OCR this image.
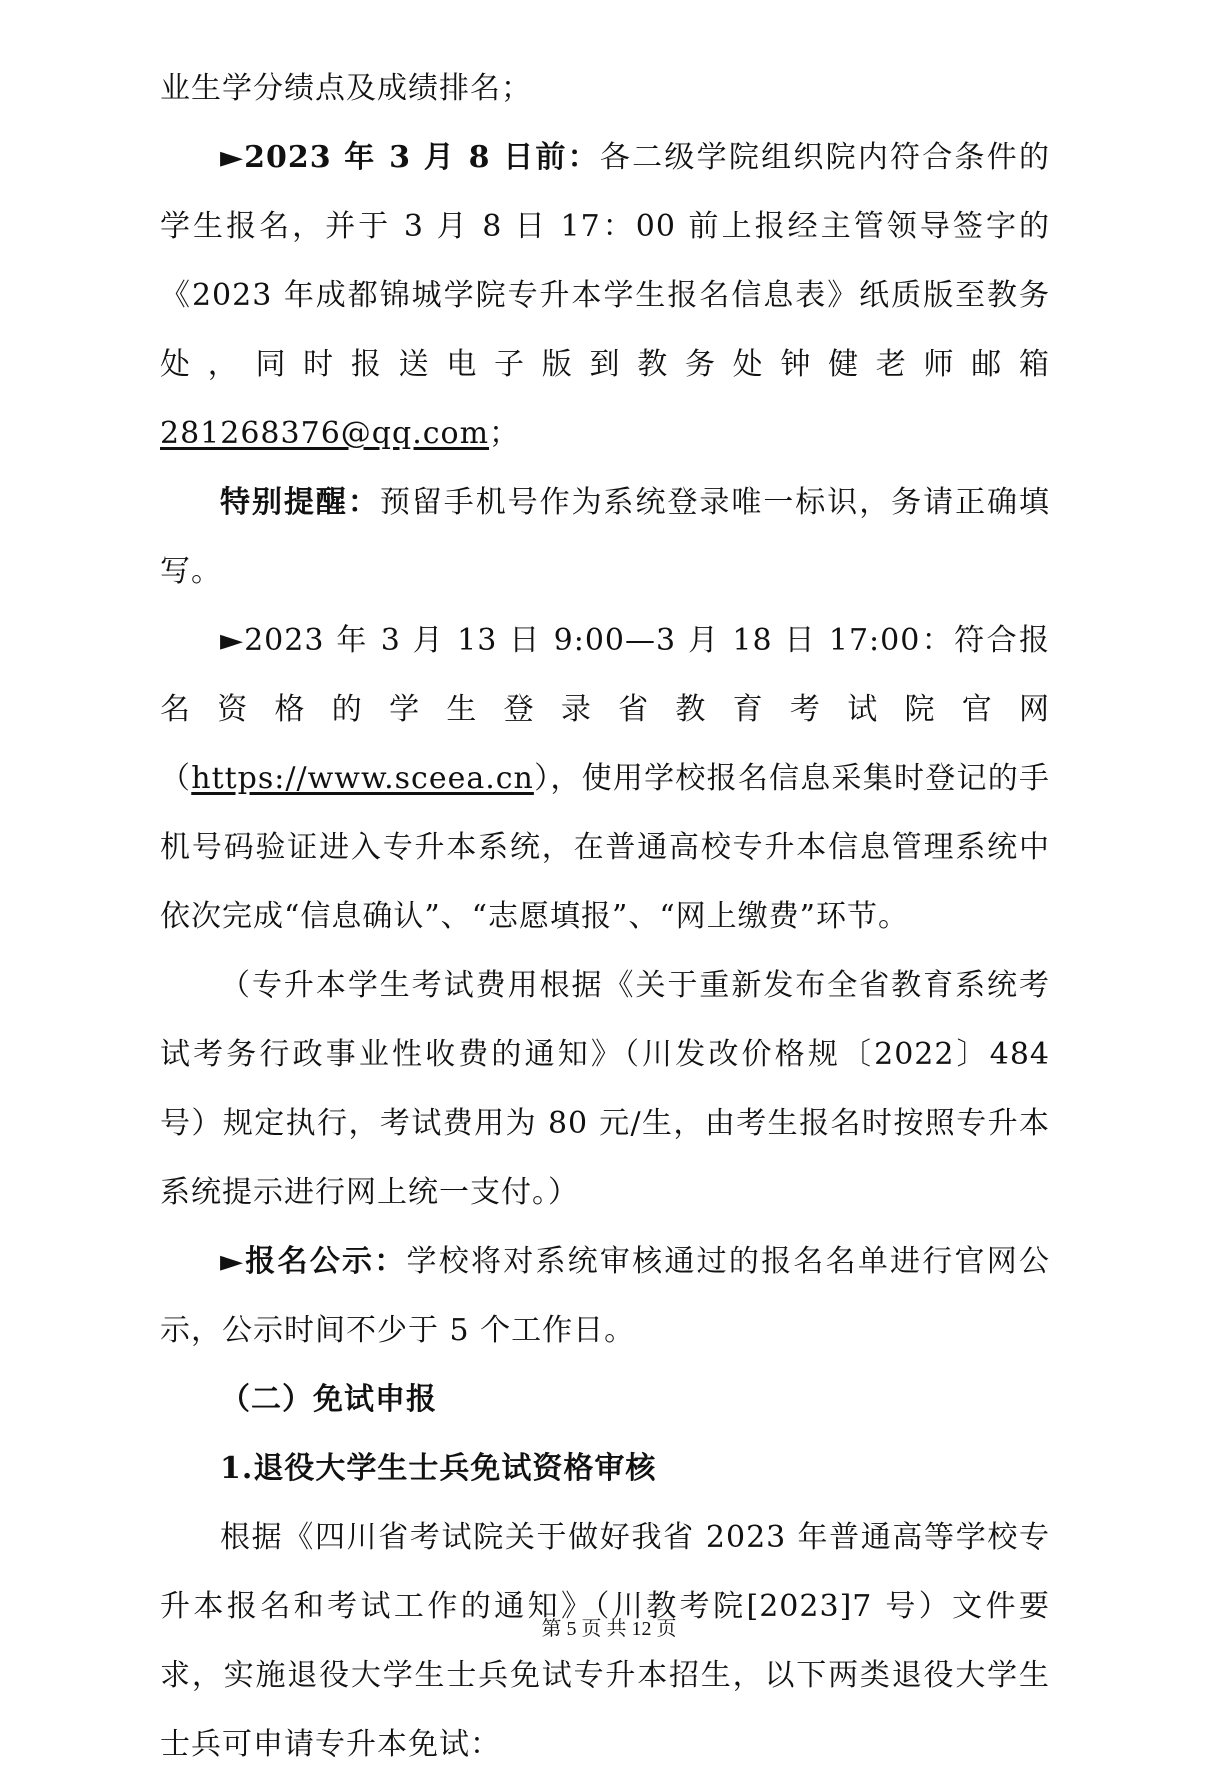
业生学分绩点及成绩排名；

►2023 年 3 月 8 日前：各二级学院组织院内符合条件的学生报名，并于 3 月 8 日 17：00 前上报经主管领导签字的《2023 年成都锦城学院专升本学生报名信息表》纸质版至教务处，同时报送电子版到教务处钟健老师邮箱 281268376@qq.com；

特别提醒：预留手机号作为系统登录唯一标识，务请正确填写。

►2023 年 3 月 13 日 9:00—3 月 18 日 17:00：符合报名资格的学生登录省教育考试院官网（https://www.sceea.cn），使用学校报名信息采集时登记的手机号码验证进入专升本系统，在普通高校专升本信息管理系统中依次完成“信息确认”、“志愿填报”、“网上缴费”环节。

（专升本学生考试费用根据《关于重新发布全省教育系统考试考务行政事业性收费的通知》（川发改价格规〔2022〕484 号）规定执行，考试费用为 80 元/生，由考生报名时按照专升本系统提示进行网上统一支付。）

►报名公示：学校将对系统审核通过的报名名单进行官网公示，公示时间不少于 5 个工作日。

（二）免试申报

1.退役大学生士兵免试资格审核

根据《四川省考试院关于做好我省 2023 年普通高等学校专升本报名和考试工作的通知》（川教考院[2023]7 号）文件要求，实施退役大学生士兵免试专升本招生，以下两类退役大学生士兵可申请专升本免试：

第 5 页 共 12 页
